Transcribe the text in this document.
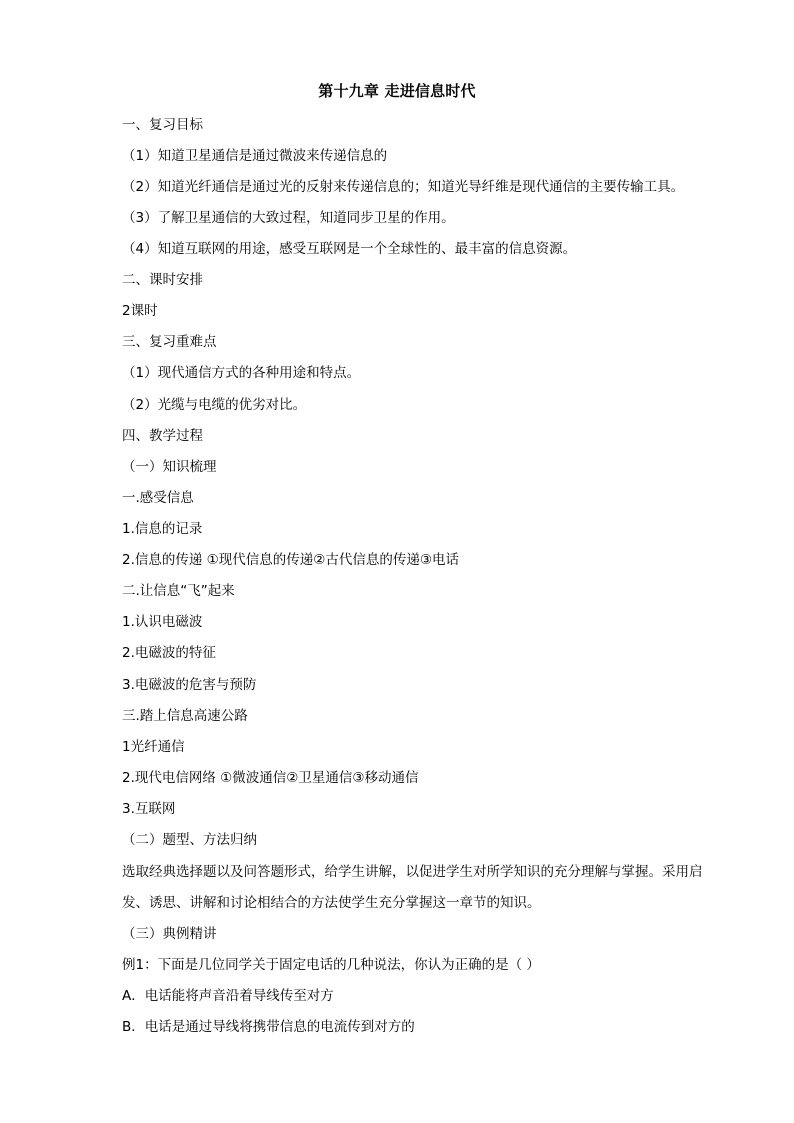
第十九章 走进信息时代
一、复习目标
（1）知道卫星通信是通过微波来传递信息的
（2）知道光纤通信是通过光的反射来传递信息的；知道光导纤维是现代通信的主要传输工具。
（3）了解卫星通信的大致过程，知道同步卫星的作用。
（4）知道互联网的用途，感受互联网是一个全球性的、最丰富的信息资源。
二、课时安排
2课时
三、复习重难点
（1）现代通信方式的各种用途和特点。
（2）光缆与电缆的优劣对比。
四、教学过程
（一）知识梳理
一.感受信息
1.信息的记录
2.信息的传递 ①现代信息的传递②古代信息的传递③电话
二.让信息“飞”起来
1.认识电磁波
2.电磁波的特征
3.电磁波的危害与预防
三.踏上信息高速公路
1光纤通信
2.现代电信网络 ①微波通信②卫星通信③移动通信
3.互联网
（二）题型、方法归纳
选取经典选择题以及问答题形式，给学生讲解，以促进学生对所学知识的充分理解与掌握。采用启发、诱思、讲解和讨论相结合的方法使学生充分掌握这一章节的知识。
（三）典例精讲
例1：下面是几位同学关于固定电话的几种说法，你认为正确的是（ ）
A．电话能将声音沿着导线传至对方
B．电话是通过导线将携带信息的电流传到对方的
